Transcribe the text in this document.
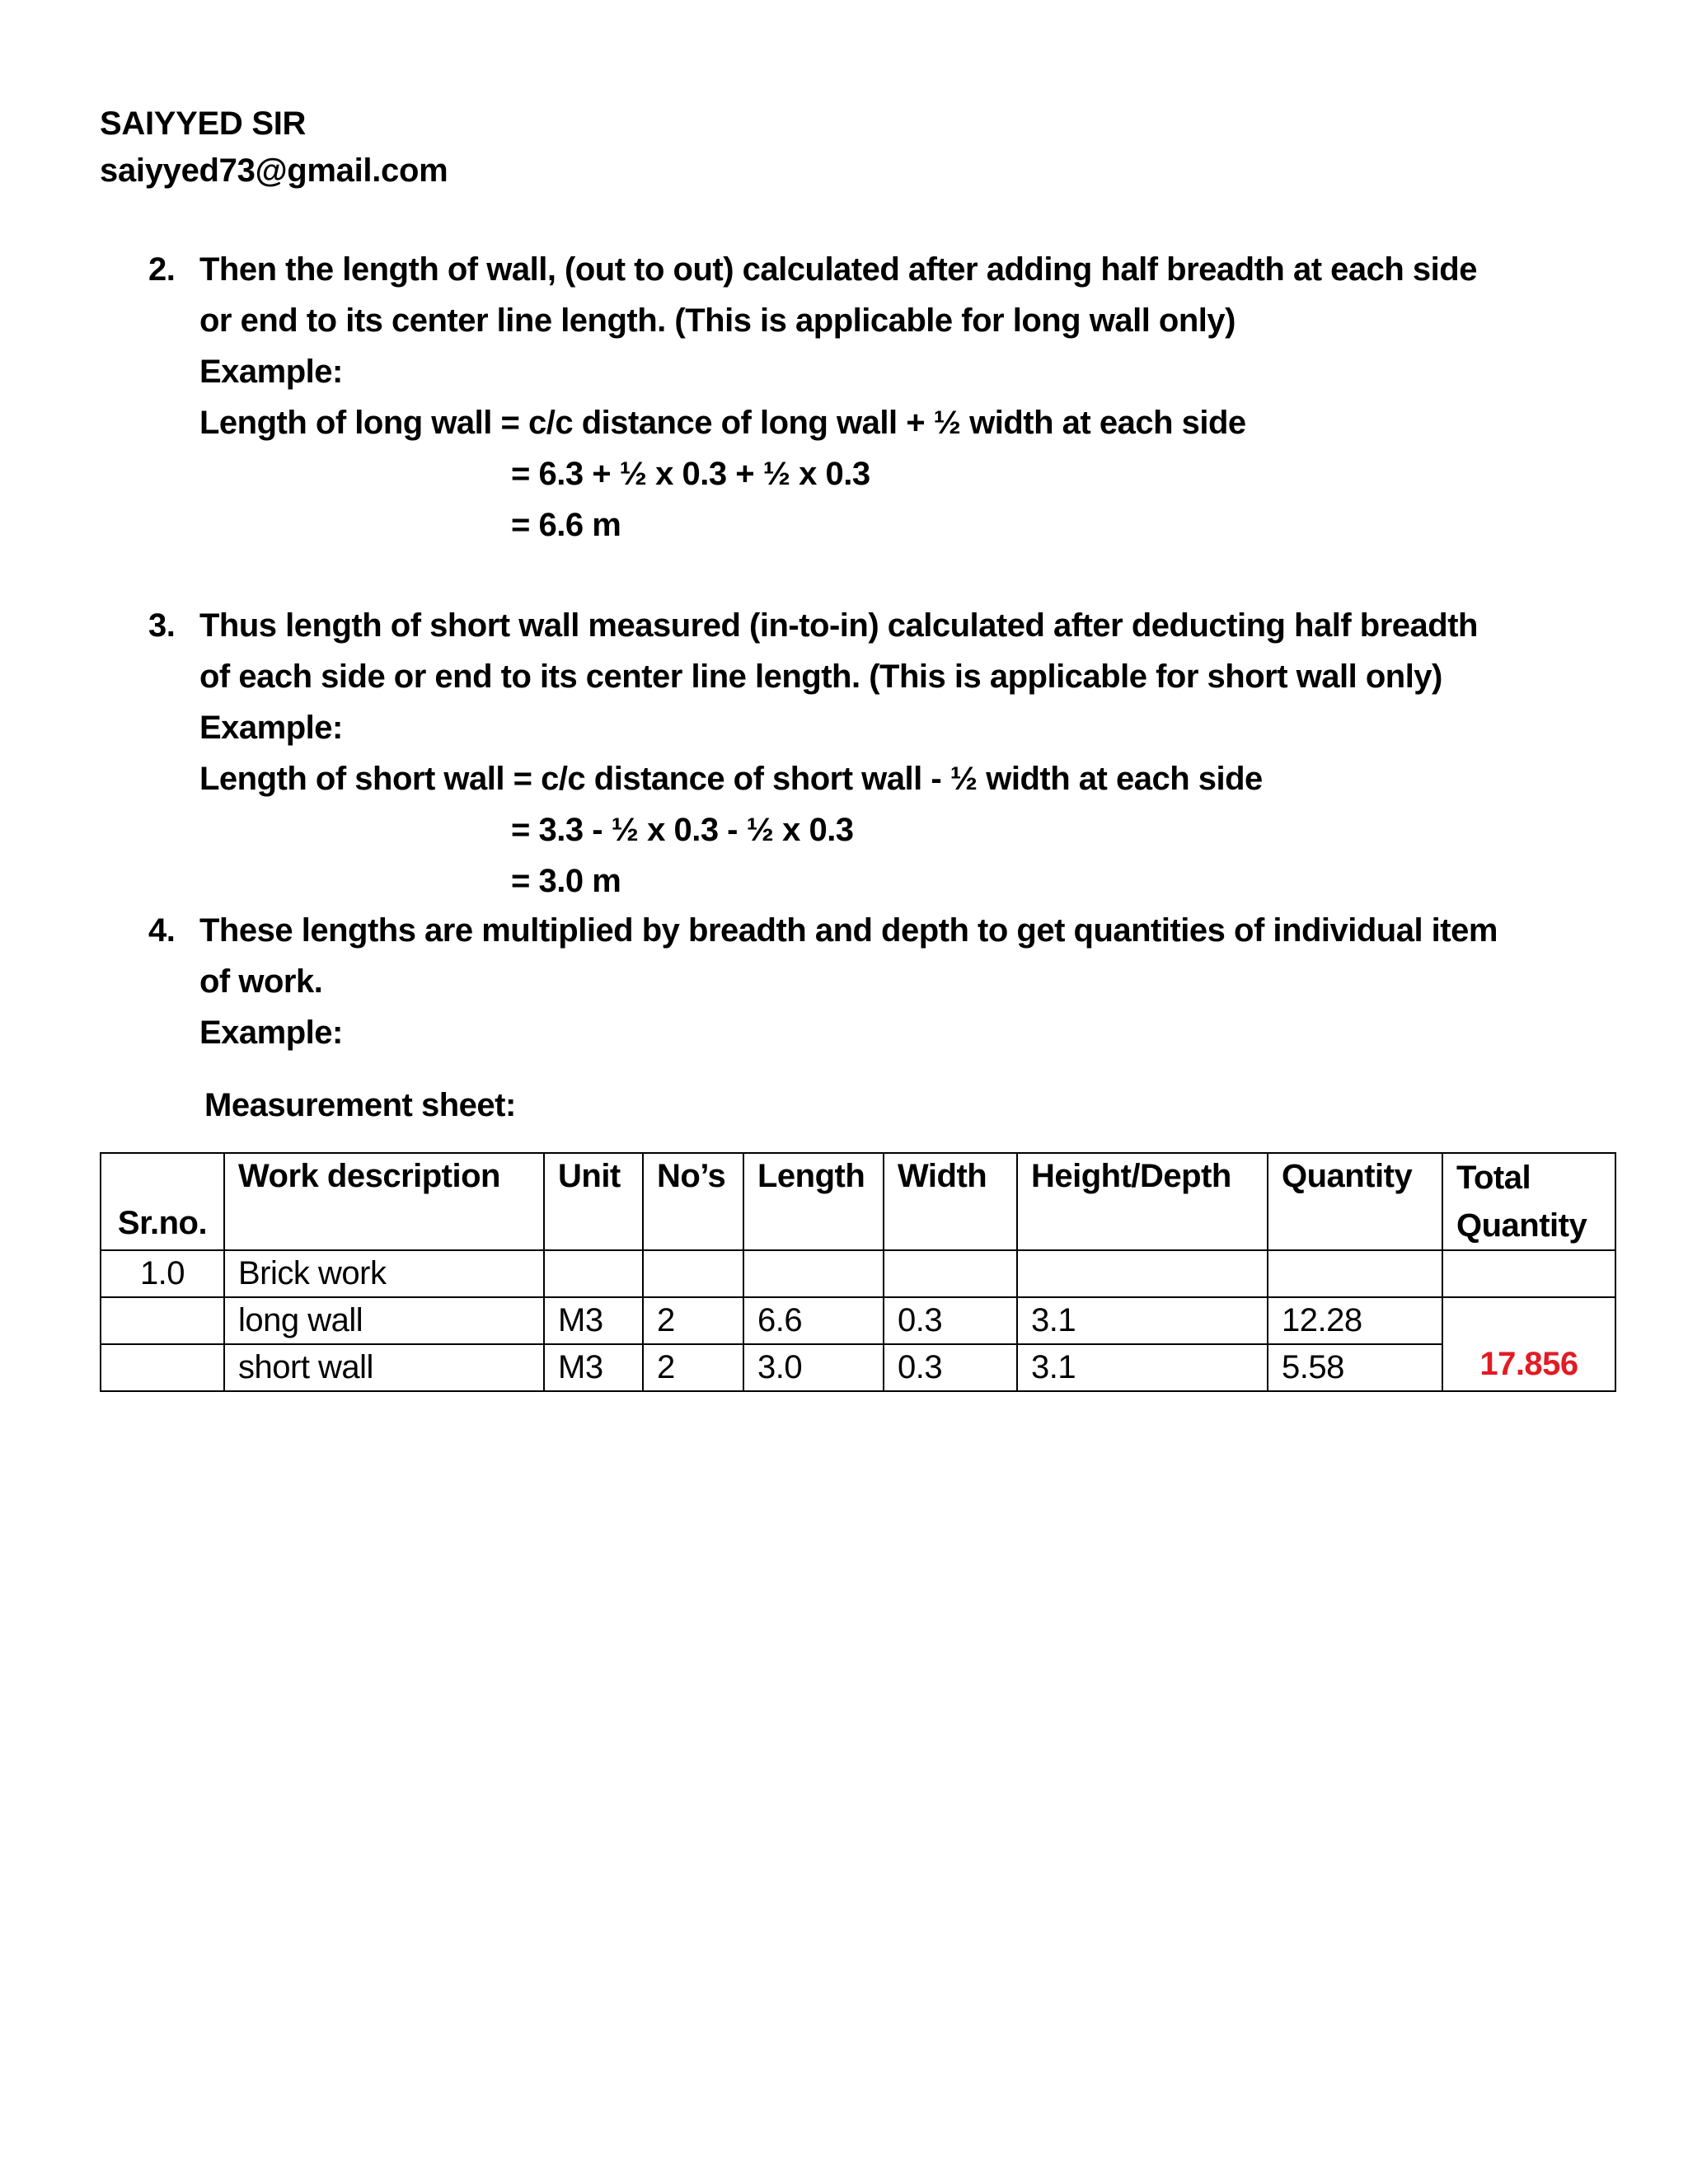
SAIYYED SIR
saiyyed73@gmail.com
2. Then the length of wall, (out to out) calculated after adding half breadth at each side
or end to its center line length. (This is applicable for long wall only)
Example:
Length of long wall = c/c distance of long wall + ½ width at each side
= 6.3 + ½ x 0.3 + ½ x 0.3
= 6.6 m
3. Thus length of short wall measured (in-to-in) calculated after deducting half breadth
of each side or end to its center line length. (This is applicable for short wall only)
Example:
Length of short wall = c/c distance of short wall - ½ width at each side
= 3.3 - ½ x 0.3 - ½ x 0.3
= 3.0 m
4. These lengths are multiplied by breadth and depth to get quantities of individual item
of work.
Example:
Measurement sheet:
Sr.no.	Work description	Unit	No’s	Length	Width	Height/Depth	Quantity	Total
								Quantity
1.0	Brick work							
	long wall	M3	2	6.6	0.3	3.1	12.28	17.856

	short wall	M3	2	3.0	0.3	3.1	5.58	
